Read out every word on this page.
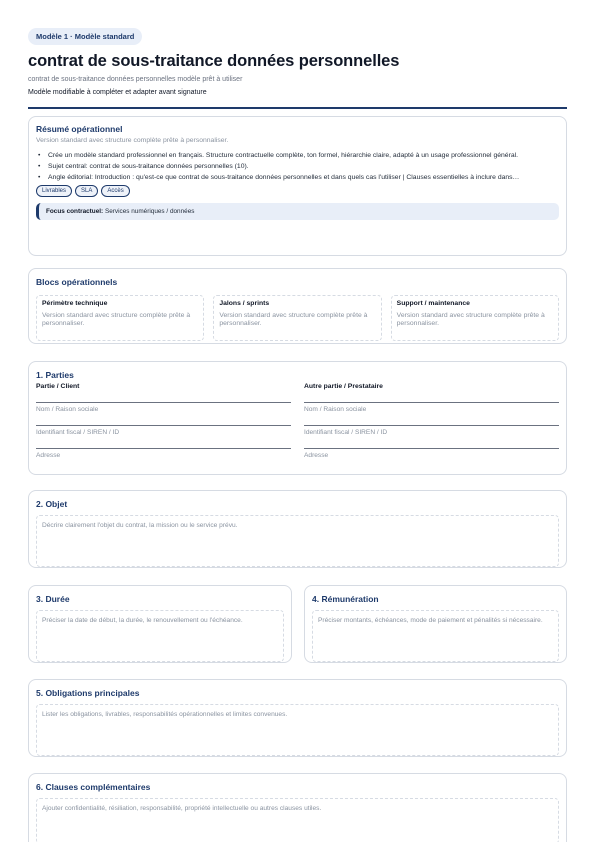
Modèle 1 · Modèle standard
contrat de sous-traitance données personnelles
contrat de sous-traitance données personnelles modèle prêt à utiliser
Modèle modifiable à compléter et adapter avant signature
Résumé opérationnel
Version standard avec structure complète prête à personnaliser.
• Crée un modèle standard professionnel en français. Structure contractuelle complète, ton formel, hiérarchie claire, adapté à un usage professionnel général.
• Sujet central: contrat de sous-traitance données personnelles (10).
• Angle éditorial: Introduction : qu'est-ce que contrat de sous-traitance données personnelles et dans quels cas l'utiliser | Clauses essentielles à inclure dans…
Livrables	SLA	Accès
Focus contractuel: Services numériques / données
Blocs opérationnels
Périmètre technique
Version standard avec structure complète prête à personnaliser.
Jalons / sprints
Version standard avec structure complète prête à personnaliser.
Support / maintenance
Version standard avec structure complète prête à personnaliser.
1. Parties
Partie / Client
Nom / Raison sociale
Identifiant fiscal / SIREN / ID
Adresse
Autre partie / Prestataire
Nom / Raison sociale
Identifiant fiscal / SIREN / ID
Adresse
2. Objet
Décrire clairement l'objet du contrat, la mission ou le service prévu.
3. Durée
Préciser la date de début, la durée, le renouvellement ou l'échéance.
4. Rémunération
Préciser montants, échéances, mode de paiement et pénalités si nécessaire.
5. Obligations principales
Lister les obligations, livrables, responsabilités opérationnelles et limites convenues.
6. Clauses complémentaires
Ajouter confidentialité, résiliation, responsabilité, propriété intellectuelle ou autres clauses utiles.
